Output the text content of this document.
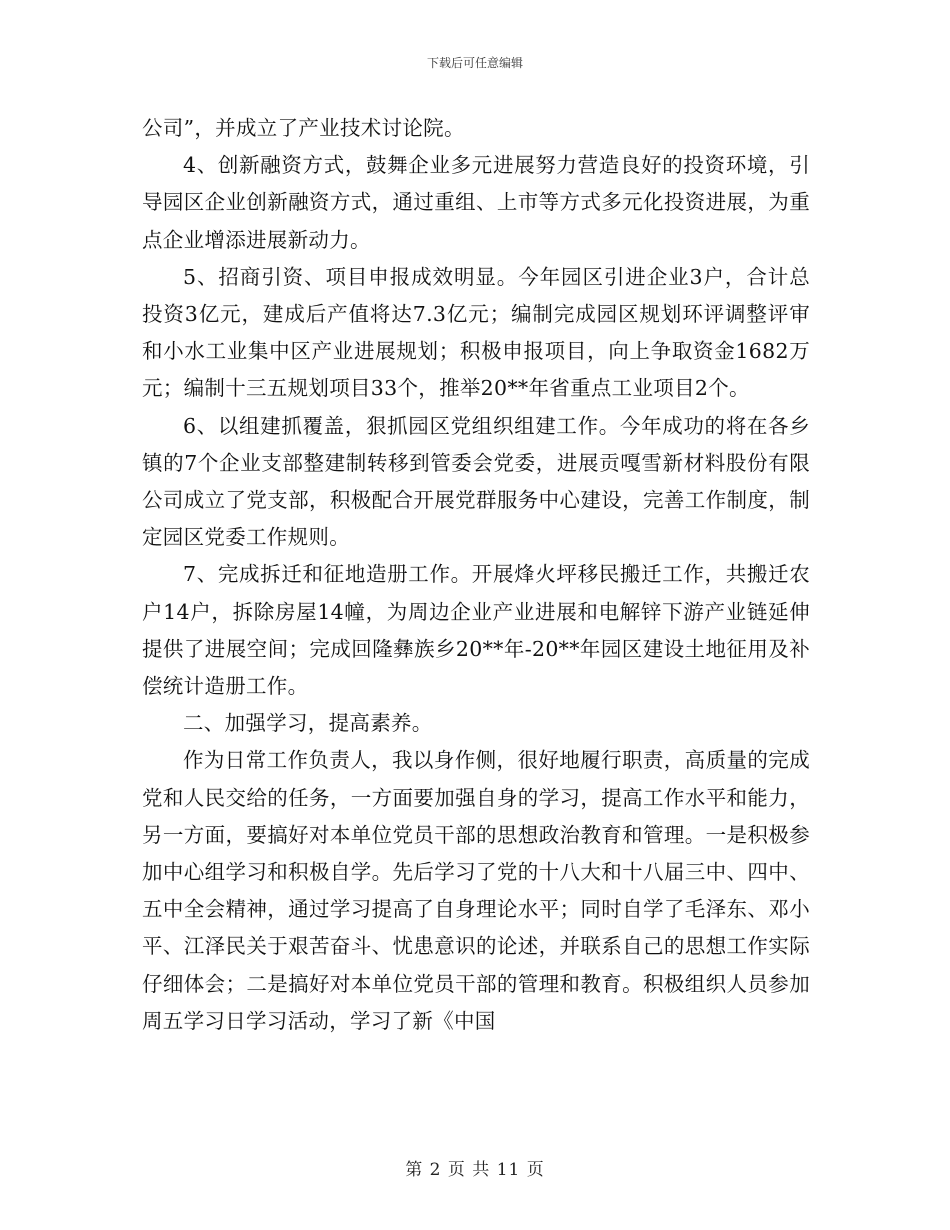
下载后可任意编辑

公司”，并成立了产业技术讨论院。

4、创新融资方式，鼓舞企业多元进展努力营造良好的投资环境，引导园区企业创新融资方式，通过重组、上市等方式多元化投资进展，为重点企业增添进展新动力。

5、招商引资、项目申报成效明显。今年园区引进企业3户，合计总投资3亿元，建成后产值将达7.3亿元；编制完成园区规划环评调整评审和小水工业集中区产业进展规划；积极申报项目，向上争取资金1682万元；编制十三五规划项目33个，推举20**年省重点工业项目2个。

6、以组建抓覆盖，狠抓园区党组织组建工作。今年成功的将在各乡镇的7个企业支部整建制转移到管委会党委，进展贡嘎雪新材料股份有限公司成立了党支部，积极配合开展党群服务中心建设，完善工作制度，制定园区党委工作规则。

7、完成拆迁和征地造册工作。开展烽火坪移民搬迁工作，共搬迁农户14户，拆除房屋14幢，为周边企业产业进展和电解锌下游产业链延伸提供了进展空间；完成回隆彝族乡20**年-20**年园区建设土地征用及补偿统计造册工作。

二、加强学习，提高素养。

作为日常工作负责人，我以身作侧，很好地履行职责，高质量的完成党和人民交给的任务，一方面要加强自身的学习，提高工作水平和能力，另一方面，要搞好对本单位党员干部的思想政治教育和管理。一是积极参加中心组学习和积极自学。先后学习了党的十八大和十八届三中、四中、五中全会精神，通过学习提高了自身理论水平；同时自学了毛泽东、邓小平、江泽民关于艰苦奋斗、忧患意识的论述，并联系自己的思想工作实际仔细体会；二是搞好对本单位党员干部的管理和教育。积极组织人员参加周五学习日学习活动，学习了新《中国

第 2 页 共 11 页
